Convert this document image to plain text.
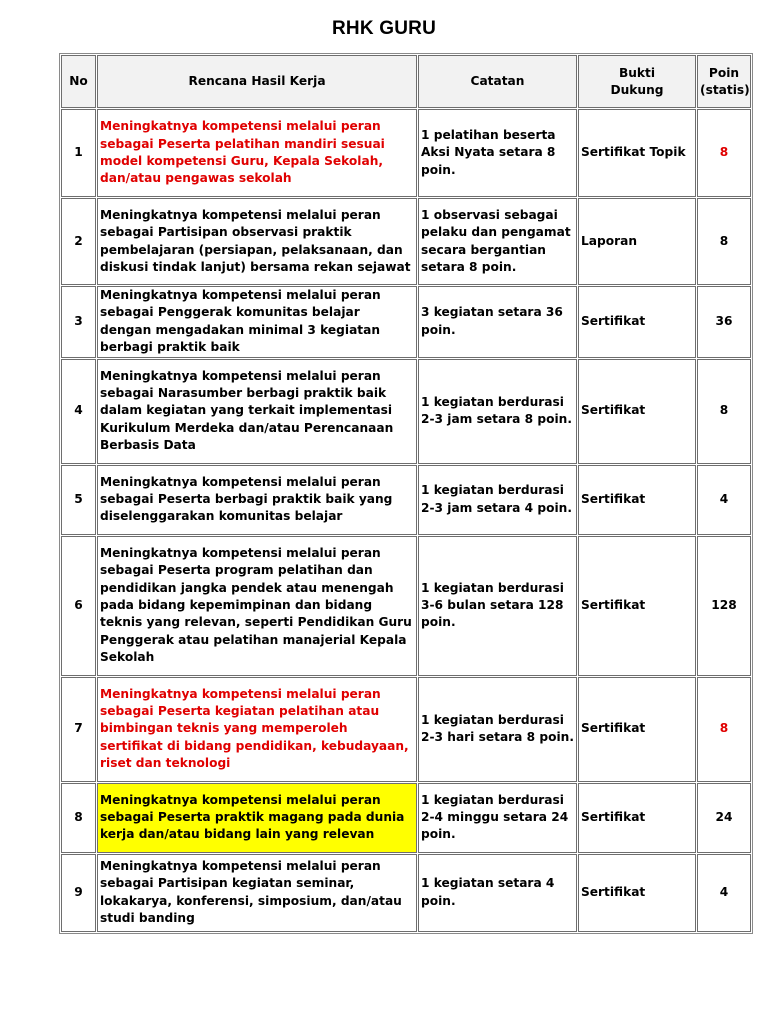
RHK GURU
No	Rencana Hasil Kerja	Catatan	Bukti Dukung	Poin (statis)
1	Meningkatnya kompetensi melalui peran sebagai Peserta pelatihan mandiri sesuai model kompetensi Guru, Kepala Sekolah, dan/atau pengawas sekolah	1 pelatihan beserta Aksi Nyata setara 8 poin.	Sertifikat Topik	8
2	Meningkatnya kompetensi melalui peran sebagai Partisipan observasi praktik pembelajaran (persiapan, pelaksanaan, dan diskusi tindak lanjut) bersama rekan sejawat	1 observasi sebagai pelaku dan pengamat secara bergantian setara 8 poin.	Laporan	8
3	Meningkatnya kompetensi melalui peran sebagai Penggerak komunitas belajar dengan mengadakan minimal 3 kegiatan berbagi praktik baik	3 kegiatan setara 36 poin.	Sertifikat	36
4	Meningkatnya kompetensi melalui peran sebagai Narasumber berbagi praktik baik dalam kegiatan yang terkait implementasi Kurikulum Merdeka dan/atau Perencanaan Berbasis Data	1 kegiatan berdurasi 2-3 jam setara 8 poin.	Sertifikat	8
5	Meningkatnya kompetensi melalui peran sebagai Peserta berbagi praktik baik yang diselenggarakan komunitas belajar	1 kegiatan berdurasi 2-3 jam setara 4 poin.	Sertifikat	4
6	Meningkatnya kompetensi melalui peran sebagai Peserta program pelatihan dan pendidikan jangka pendek atau menengah pada bidang kepemimpinan dan bidang teknis yang relevan, seperti Pendidikan Guru Penggerak atau pelatihan manajerial Kepala Sekolah	1 kegiatan berdurasi 3-6 bulan setara 128 poin.	Sertifikat	128
7	Meningkatnya kompetensi melalui peran sebagai Peserta kegiatan pelatihan atau bimbingan teknis yang memperoleh sertifikat di bidang pendidikan, kebudayaan, riset dan teknologi	1 kegiatan berdurasi 2-3 hari setara 8 poin.	Sertifikat	8
8	Meningkatnya kompetensi melalui peran sebagai Peserta praktik magang pada dunia kerja dan/atau bidang lain yang relevan	1 kegiatan berdurasi 2-4 minggu setara 24 poin.	Sertifikat	24
9	Meningkatnya kompetensi melalui peran sebagai Partisipan kegiatan seminar, lokakarya, konferensi, simposium, dan/atau studi banding	1 kegiatan setara 4 poin.	Sertifikat	4
